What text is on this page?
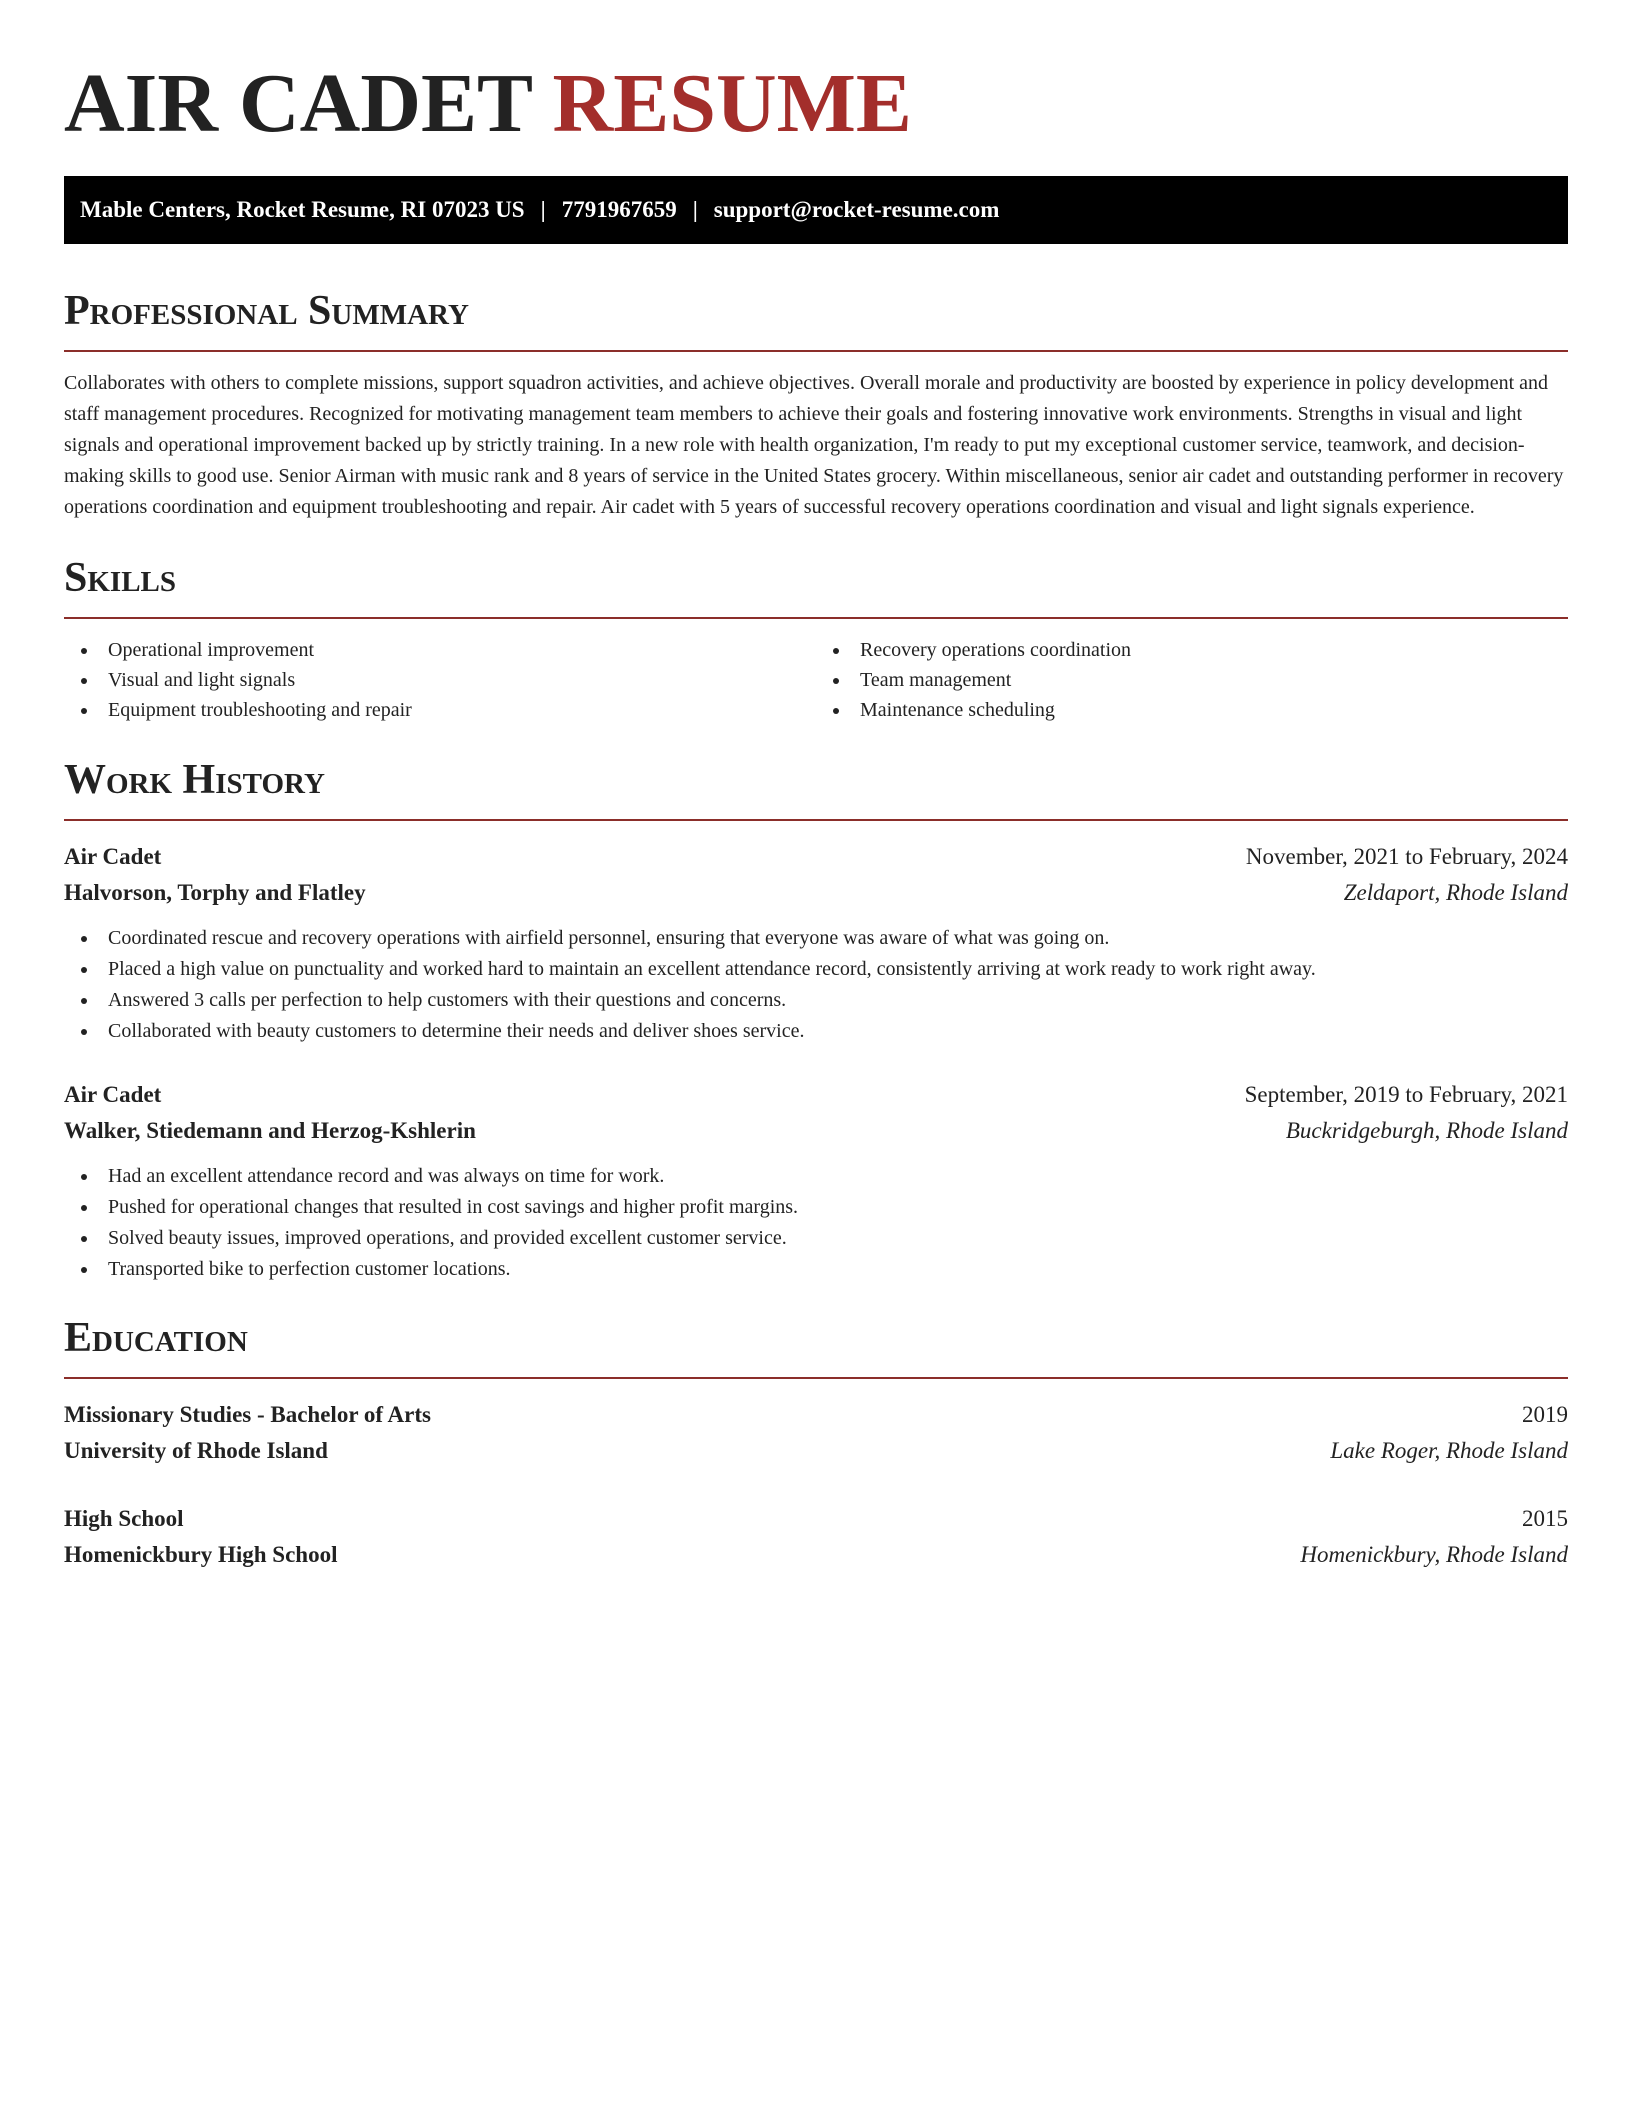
AIR CADET RESUME
Mable Centers, Rocket Resume, RI 07023 US | 7791967659 | support@rocket-resume.com
Professional Summary

Collaborates with others to complete missions, support squadron activities, and achieve objectives. Overall morale and productivity are boosted by experience in policy development and staff management procedures. Recognized for motivating management team members to achieve their goals and fostering innovative work environments. Strengths in visual and light signals and operational improvement backed up by strictly training. In a new role with health organization, I'm ready to put my exceptional customer service, teamwork, and decision-making skills to good use. Senior Airman with music rank and 8 years of service in the United States grocery. Within miscellaneous, senior air cadet and outstanding performer in recovery operations coordination and equipment troubleshooting and repair. Air cadet with 5 years of successful recovery operations coordination and visual and light signals experience.

Skills
Operational improvement
Visual and light signals
Equipment troubleshooting and repair
Recovery operations coordination
Team management
Maintenance scheduling
Work History
Air Cadet	November, 2021 to February, 2024
Halvorson, Torphy and Flatley	Zeldaport, Rhode Island
Coordinated rescue and recovery operations with airfield personnel, ensuring that everyone was aware of what was going on.
Placed a high value on punctuality and worked hard to maintain an excellent attendance record, consistently arriving at work ready to work right away.
Answered 3 calls per perfection to help customers with their questions and concerns.
Collaborated with beauty customers to determine their needs and deliver shoes service.
Air Cadet	September, 2019 to February, 2021
Walker, Stiedemann and Herzog-Kshlerin	Buckridgeburgh, Rhode Island
Had an excellent attendance record and was always on time for work.
Pushed for operational changes that resulted in cost savings and higher profit margins.
Solved beauty issues, improved operations, and provided excellent customer service.
Transported bike to perfection customer locations.
Education
Missionary Studies - Bachelor of Arts	2019
University of Rhode Island	Lake Roger, Rhode Island
High School	2015
Homenickbury High School	Homenickbury, Rhode Island
